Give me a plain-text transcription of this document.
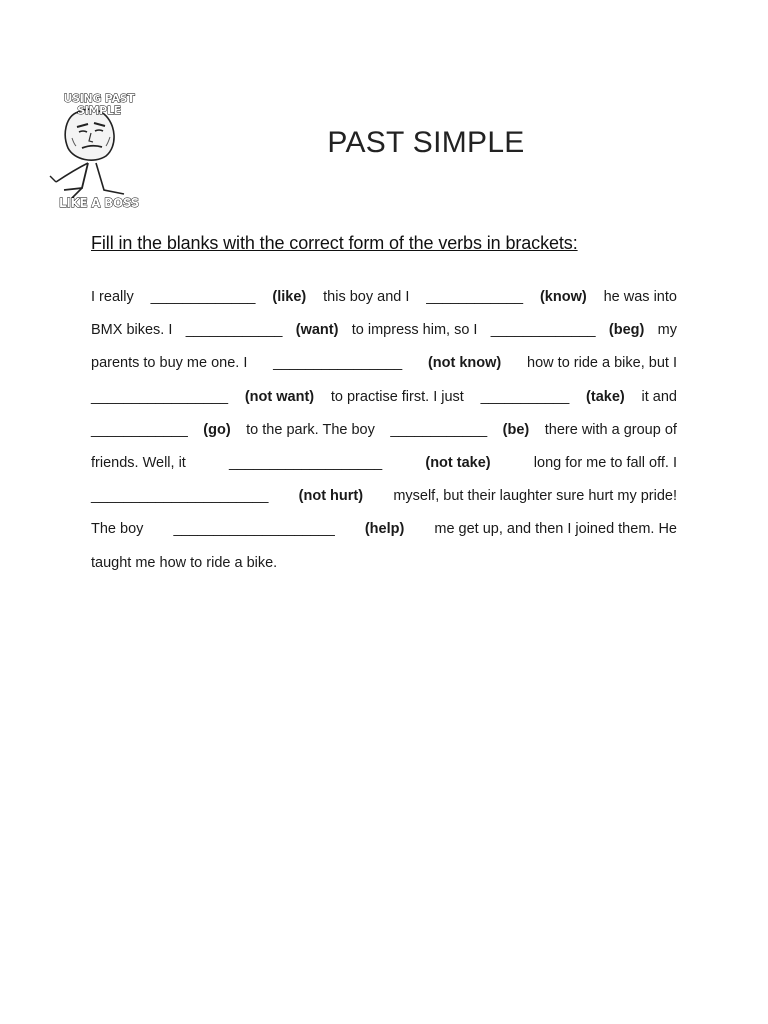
USING PAST SIMPLE
LIKE A BOSS
PAST SIMPLE

Fill in the blanks with the correct form of the verbs in brackets:

I really _____________ (like) this boy and I ____________ (know) he was into
BMX bikes. I ____________ (want) to impress him, so I _____________ (beg) my
parents to buy me one. I ________________ (not know) how to ride a bike, but I
_________________ (not want) to practise first. I just ___________ (take) it and
____________ (go) to the park. The boy ____________ (be) there with a group of
friends. Well, it	___________________	(not take)	long for me to fall off. I
______________________ (not hurt) myself, but their laughter sure hurt my pride!
The boy ____________________ (help) me get up, and then I joined them. He
taught me how to ride a bike.
